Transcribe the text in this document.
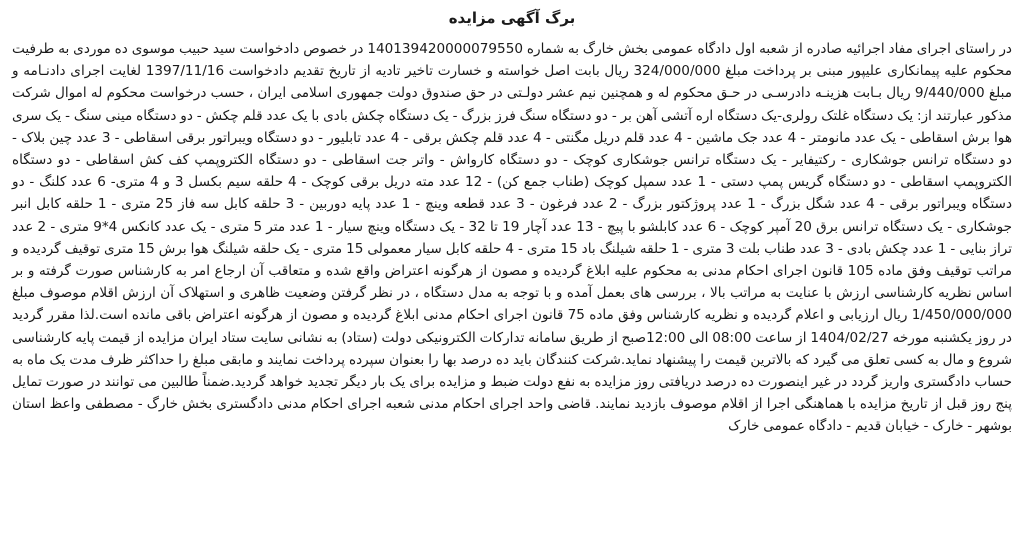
برگ آگهی مزایده

در راستای اجرای مفاد اجرائیه صادره از شعبه اول دادگاه عمومی بخش خارگ به شماره 140139420000079550 در خصوص دادخواست سید حبیب موسوی ده موردی به طرفیت محکوم علیه پیمانکاری علیپور مبنی بر پرداخت مبلغ 324/000/000 ریال بابت اصل خواسته و خسارت تاخیر تادیه از تاریخ تقدیم دادخواست 1397/11/16 لغایت اجرای دادنـامه و مبلغ 9/440/000 ریال بـابت هزینـه دادرسـی در حـق محکوم له و همچنین نیم عشر دولـتی در حق صندوق دولت جمهوری اسلامی ایران ، حسب درخواست محکوم له اموال شرکت مذکور عبارتند از: یک دستگاه غلتک رولری-یک دستگاه اره آتشی آهن بر - دو دستگاه سنگ فرز بزرگ - یک دستگاه چکش بادی با یک عدد قلم چکش - دو دستگاه مینی سنگ - یک سری هوا برش اسقاطی - یک عدد مانومتر - 4 عدد جک ماشین - 4 عدد قلم دریل مگنتی - 4 عدد قلم چکش برقی - 4 عدد تابلیور - دو دستگاه ویبراتور برقی اسقاطی - 3 عدد چین بلاک - دو دستگاه ترانس جوشکاری - رکتیفایر - یک دستگاه ترانس جوشکاری کوچک - دو دستگاه کارواش - واتر جت اسقاطی - دو دستگاه الکتروپمپ کف کش اسقاطی - دو دستگاه الکتروپمپ اسقاطی - دو دستگاه گریس پمپ دستی - 1 عدد سمپل کوچک (طناب جمع کن) - 12 عدد مته دریل برقی کوچک - 4 حلقه سیم بکسل 3 و 4 متری- 6 عدد کلنگ - دو دستگاه ویبراتور برقی - 4 عدد شگل بزرگ - 1 عدد پروژکتور بزرگ - 2 عدد فرغون - 3 عدد قطعه وینچ - 1 عدد پایه دوربین - 3 حلقه کابل سه فاز 25 متری - 1 حلقه کابل انبر جوشکاری - یک دستگاه ترانس برق 20 آمپر کوچک - 6 عدد کابلشو با پیچ - 13 عدد آچار 19 تا 32 - یک دستگاه وینچ سیار - 1 عدد متر 5 متری - یک عدد کانکس 4*9 متری - 2 عدد تراز بنایی - 1 عدد چکش بادی - 3 عدد طناب بلت 3 متری - 1 حلقه شیلنگ باد 15 متری - 4 حلقه کابل سیار معمولی 15 متری - یک حلقه شیلنگ هوا برش 15 متری توقیف گردیده و مراتب توقیف وفق ماده 105 قانون اجرای احکام مدنی به محکوم علیه ابلاغ گردیده و مصون از هرگونه اعتراض واقع شده و متعاقب آن ارجاع امر به کارشناس صورت گرفته و بر اساس نظریه کارشناسی ارزش با عنایت به مراتب بالا ، بررسی های بعمل آمده و با توجه به مدل دستگاه ، در نظر گرفتن وضعیت ظاهری و استهلاک آن ارزش اقلام موصوف مبلغ 1/450/000/000 ریال ارزیابی و اعلام گردیده و نظریه کارشناس وفق ماده 75 قانون اجرای احکام مدنی ابلاغ گردیده و مصون از هرگونه اعتراض باقی مانده است.لذا مقرر گردید در روز یکشنبه مورخه 1404/02/27 از ساعت 08:00 الی 12:00صبح از طریق سامانه تدارکات الکترونیکی دولت (ستاد) به نشانی سایت ستاد ایران مزایده از قیمت پایه کارشناسی شروع و مال به کسی تعلق می گیرد که بالاترین قیمت را پیشنهاد نماید.شرکت کنندگان باید ده درصد بها را بعنوان سپرده پرداخت نمایند و مابقی مبلغ را حداکثر ظرف مدت یک ماه به حساب دادگستری واریز گردد در غیر اینصورت ده درصد دریافتی روز مزایده به نفع دولت ضبط و مزایده برای یک بار دیگر تجدید خواهد گردید.ضمناً طالبین می توانند در صورت تمایل پنج روز قبل از تاریخ مزایده با هماهنگی اجرا از اقلام موصوف بازدید نمایند. قاضی واحد اجرای احکام مدنی شعبه اجرای احکام مدنی دادگستری بخش خارگ - مصطفی واعظ استان بوشهر - خارک - خیابان قدیم - دادگاه عمومی خارک
